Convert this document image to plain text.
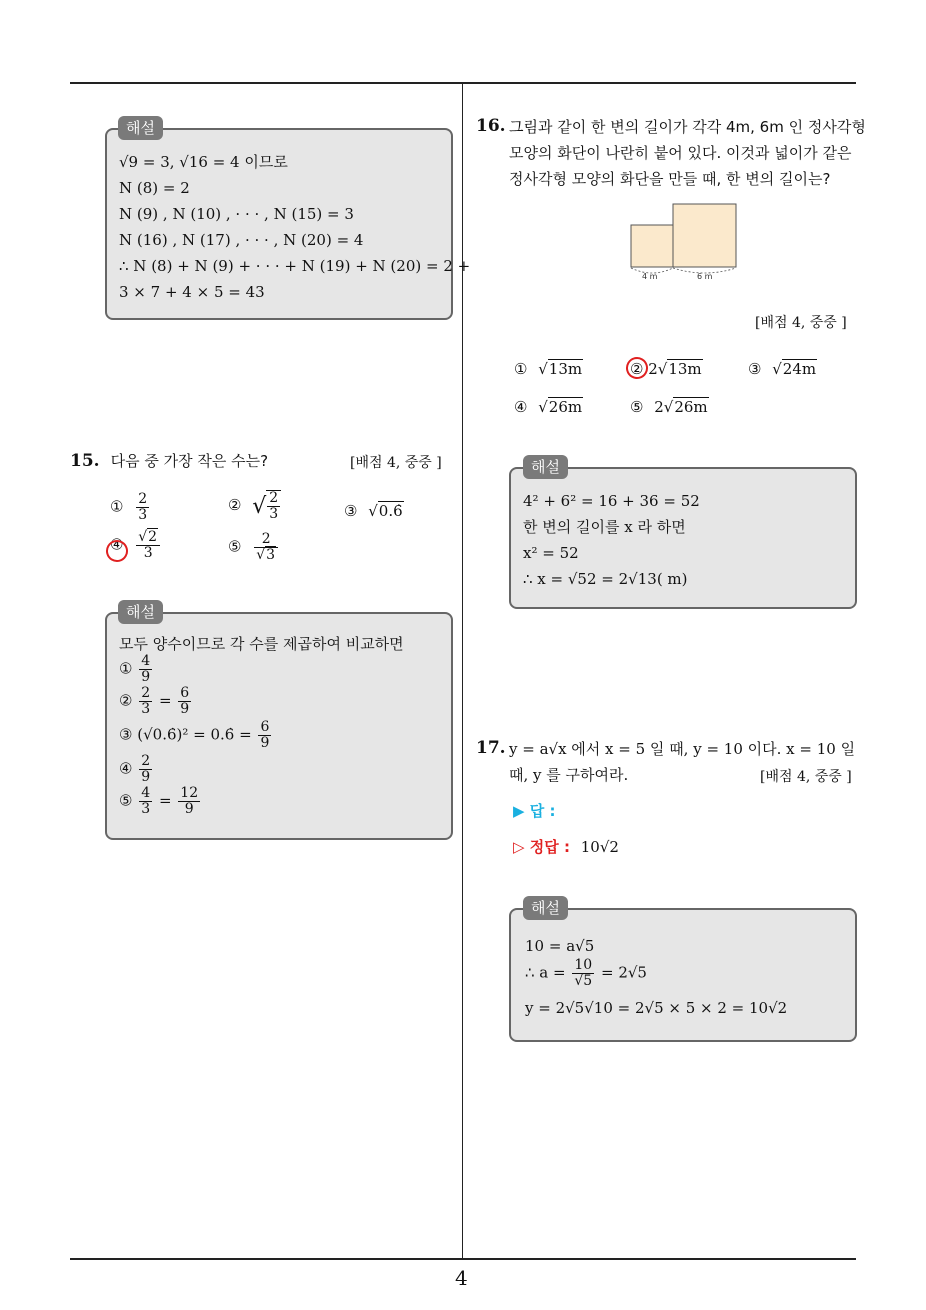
4
√9 = 3, √16 = 4 이므로
N (8) = 2
N (9) , N (10) , · · · , N (15) = 3
N (16) , N (17) , · · · , N (20) = 4
∴ N (8) + N (9) + · · · + N (19) + N (20) = 2 +
3 × 7 + 4 × 5 = 43
해설
15. 다음 중 가장 작은 수는?	[배점 4, 중중 ]
① $\frac{2}{3}$	② √ $\frac{2}{3}$	③ √0.6̇
④ $\frac{√2}{3}$	⑤ $\frac{2}{√3}$
모두 양수이므로 각 수를 제곱하여 비교하면
① $\frac{4}{9}$
② $\frac{2}{3} = \frac{6}{9}$
③ (√0.6̇)² = 0.6̇ = $\frac{6}{9}$
④ $\frac{2}{9}$
⑤ $\frac{4}{3} = \frac{12}{9}$
해설
16. 그림과 같이 한 변의 길이가 각각 4m, 6m 인 정사각형
모양의 화단이 나란히 붙어 있다. 이것과 넓이가 같은
정사각형 모양의 화단을 만들 때, 한 변의 길이는?
4 m	6 m
[배점 4, 중중 ]
① √13m	② 2√13m	③ √24m
④ √26m	⑤ 2√26m
4² + 6² = 16 + 36 = 52
한 변의 길이를 x 라 하면
x² = 52
∴ x = √52 = 2√13( m)
해설
17. y = a√x 에서 x = 5 일 때, y = 10 이다. x = 10 일
때, y 를 구하여라.	[배점 4, 중중 ]
▶ 답 :
▷ 정답 : 10√2
10 = a√5
∴ $a = \frac{10}{√5} = 2√5$
y = 2√5√10 = 2√5 × 5 × 2 = 10√2
해설
